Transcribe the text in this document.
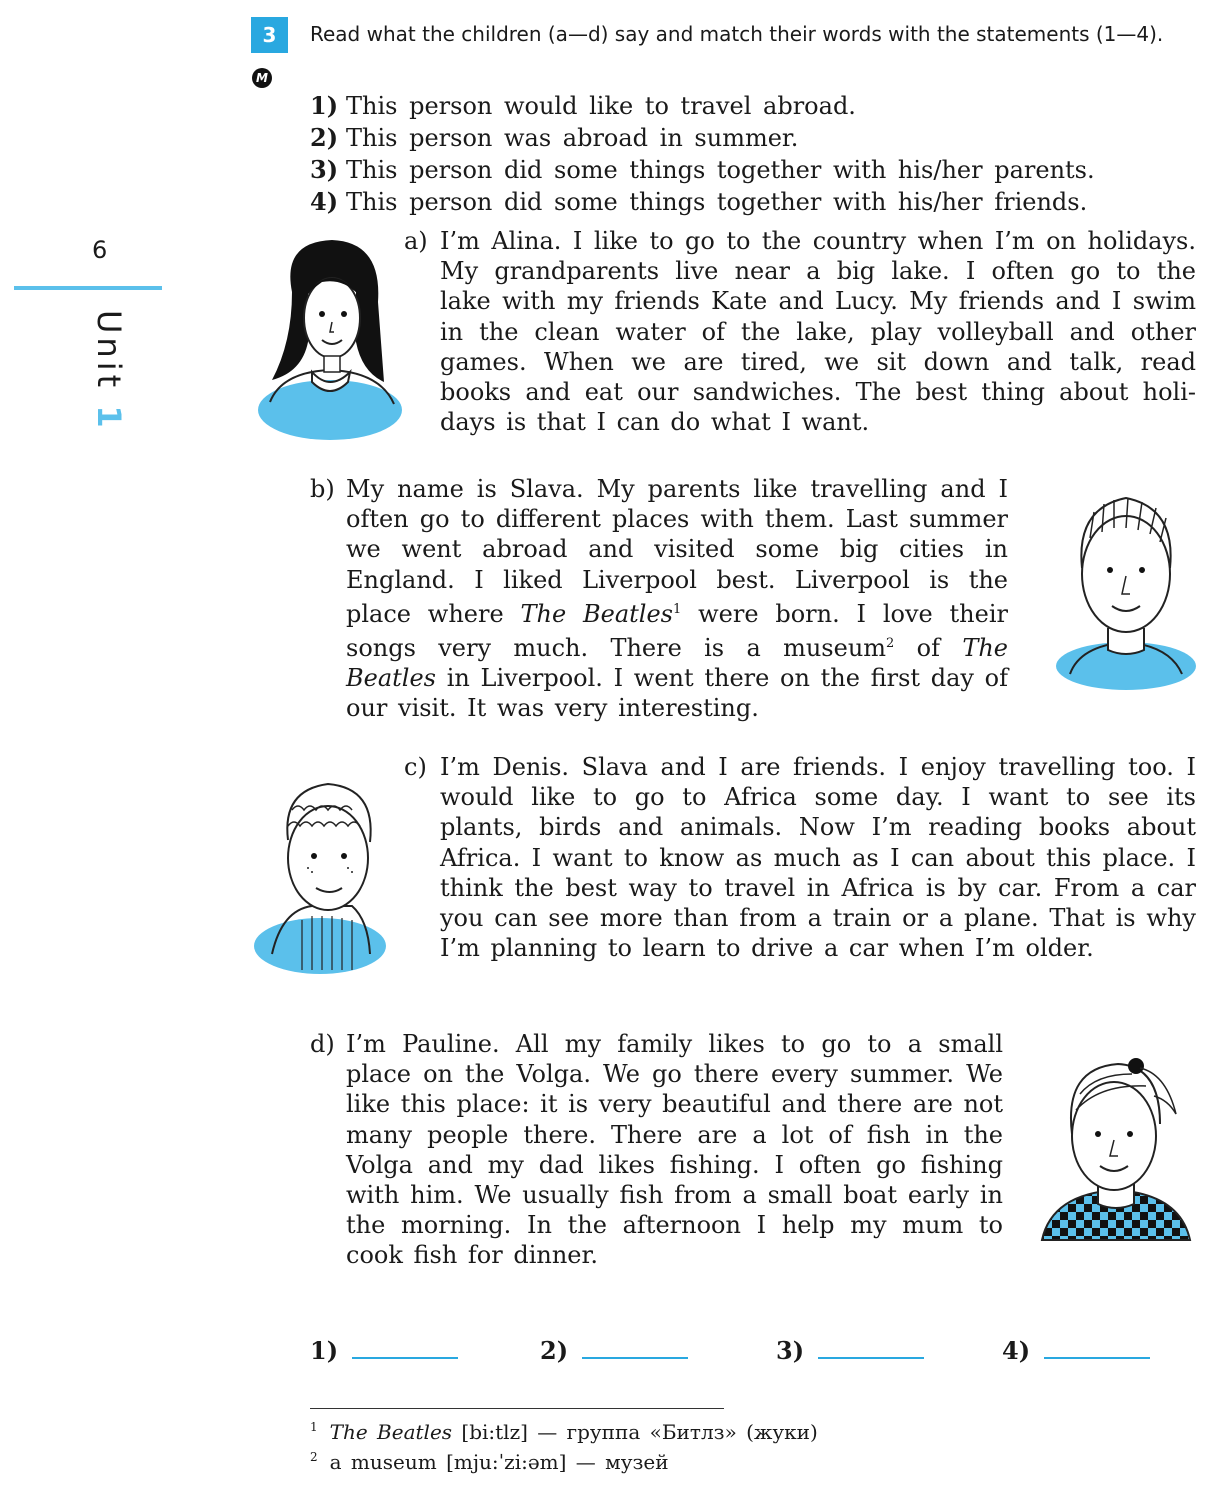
6
Unit 1
3
M
Read what the children (a—d) say and match their words with the statements (1—4).
1) This person would like to travel abroad.
2) This person was abroad in summer.
3) This person did some things together with his/her parents.
4) This person did some things together with his/her friends.
a) I’m Alina. I like to go to the country when I’m on holidays. My grandparents live near a big lake. I often go to the lake with my friends Kate and Lucy. My friends and I swim in the clean water of the lake, play volleyball and other games. When we are tired, we sit down and talk, read books and eat our sandwiches. The best thing about holidays is that I can do what I want.
b) My name is Slava. My parents like travelling and I often go to different places with them. Last summer we went abroad and visited some big cities in England. I liked Liverpool best. Liverpool is the place where The Beatles$^1$ were born. I love their songs very much. There is a museum$^2$ of The Beatles in Liverpool. I went there on the first day of our visit. It was very interesting.
c) I’m Denis. Slava and I are friends. I enjoy travelling too. I would like to go to Africa some day. I want to see its plants, birds and animals. Now I’m reading books about Africa. I want to know as much as I can about this place. I think the best way to travel in Africa is by car. From a car you can see more than from a train or a plane. That is why I’m planning to learn to drive a car when I’m older.
d) I’m Pauline. All my family likes to go to a small place on the Volga. We go there every summer. We like this place: it is very beautiful and there are not many people there. There are a lot of fish in the Volga and my dad likes fishing. I often go fishing with him. We usually fish from a small boat early in the morning. In the afternoon I help my mum to cook fish for dinner.
1)	2)	3)	4)
$^1$ The Beatles [bi:tlz] — группа «Битлз» (жуки)
$^2$ a museum [mju:ˈzi:əm] — музей
